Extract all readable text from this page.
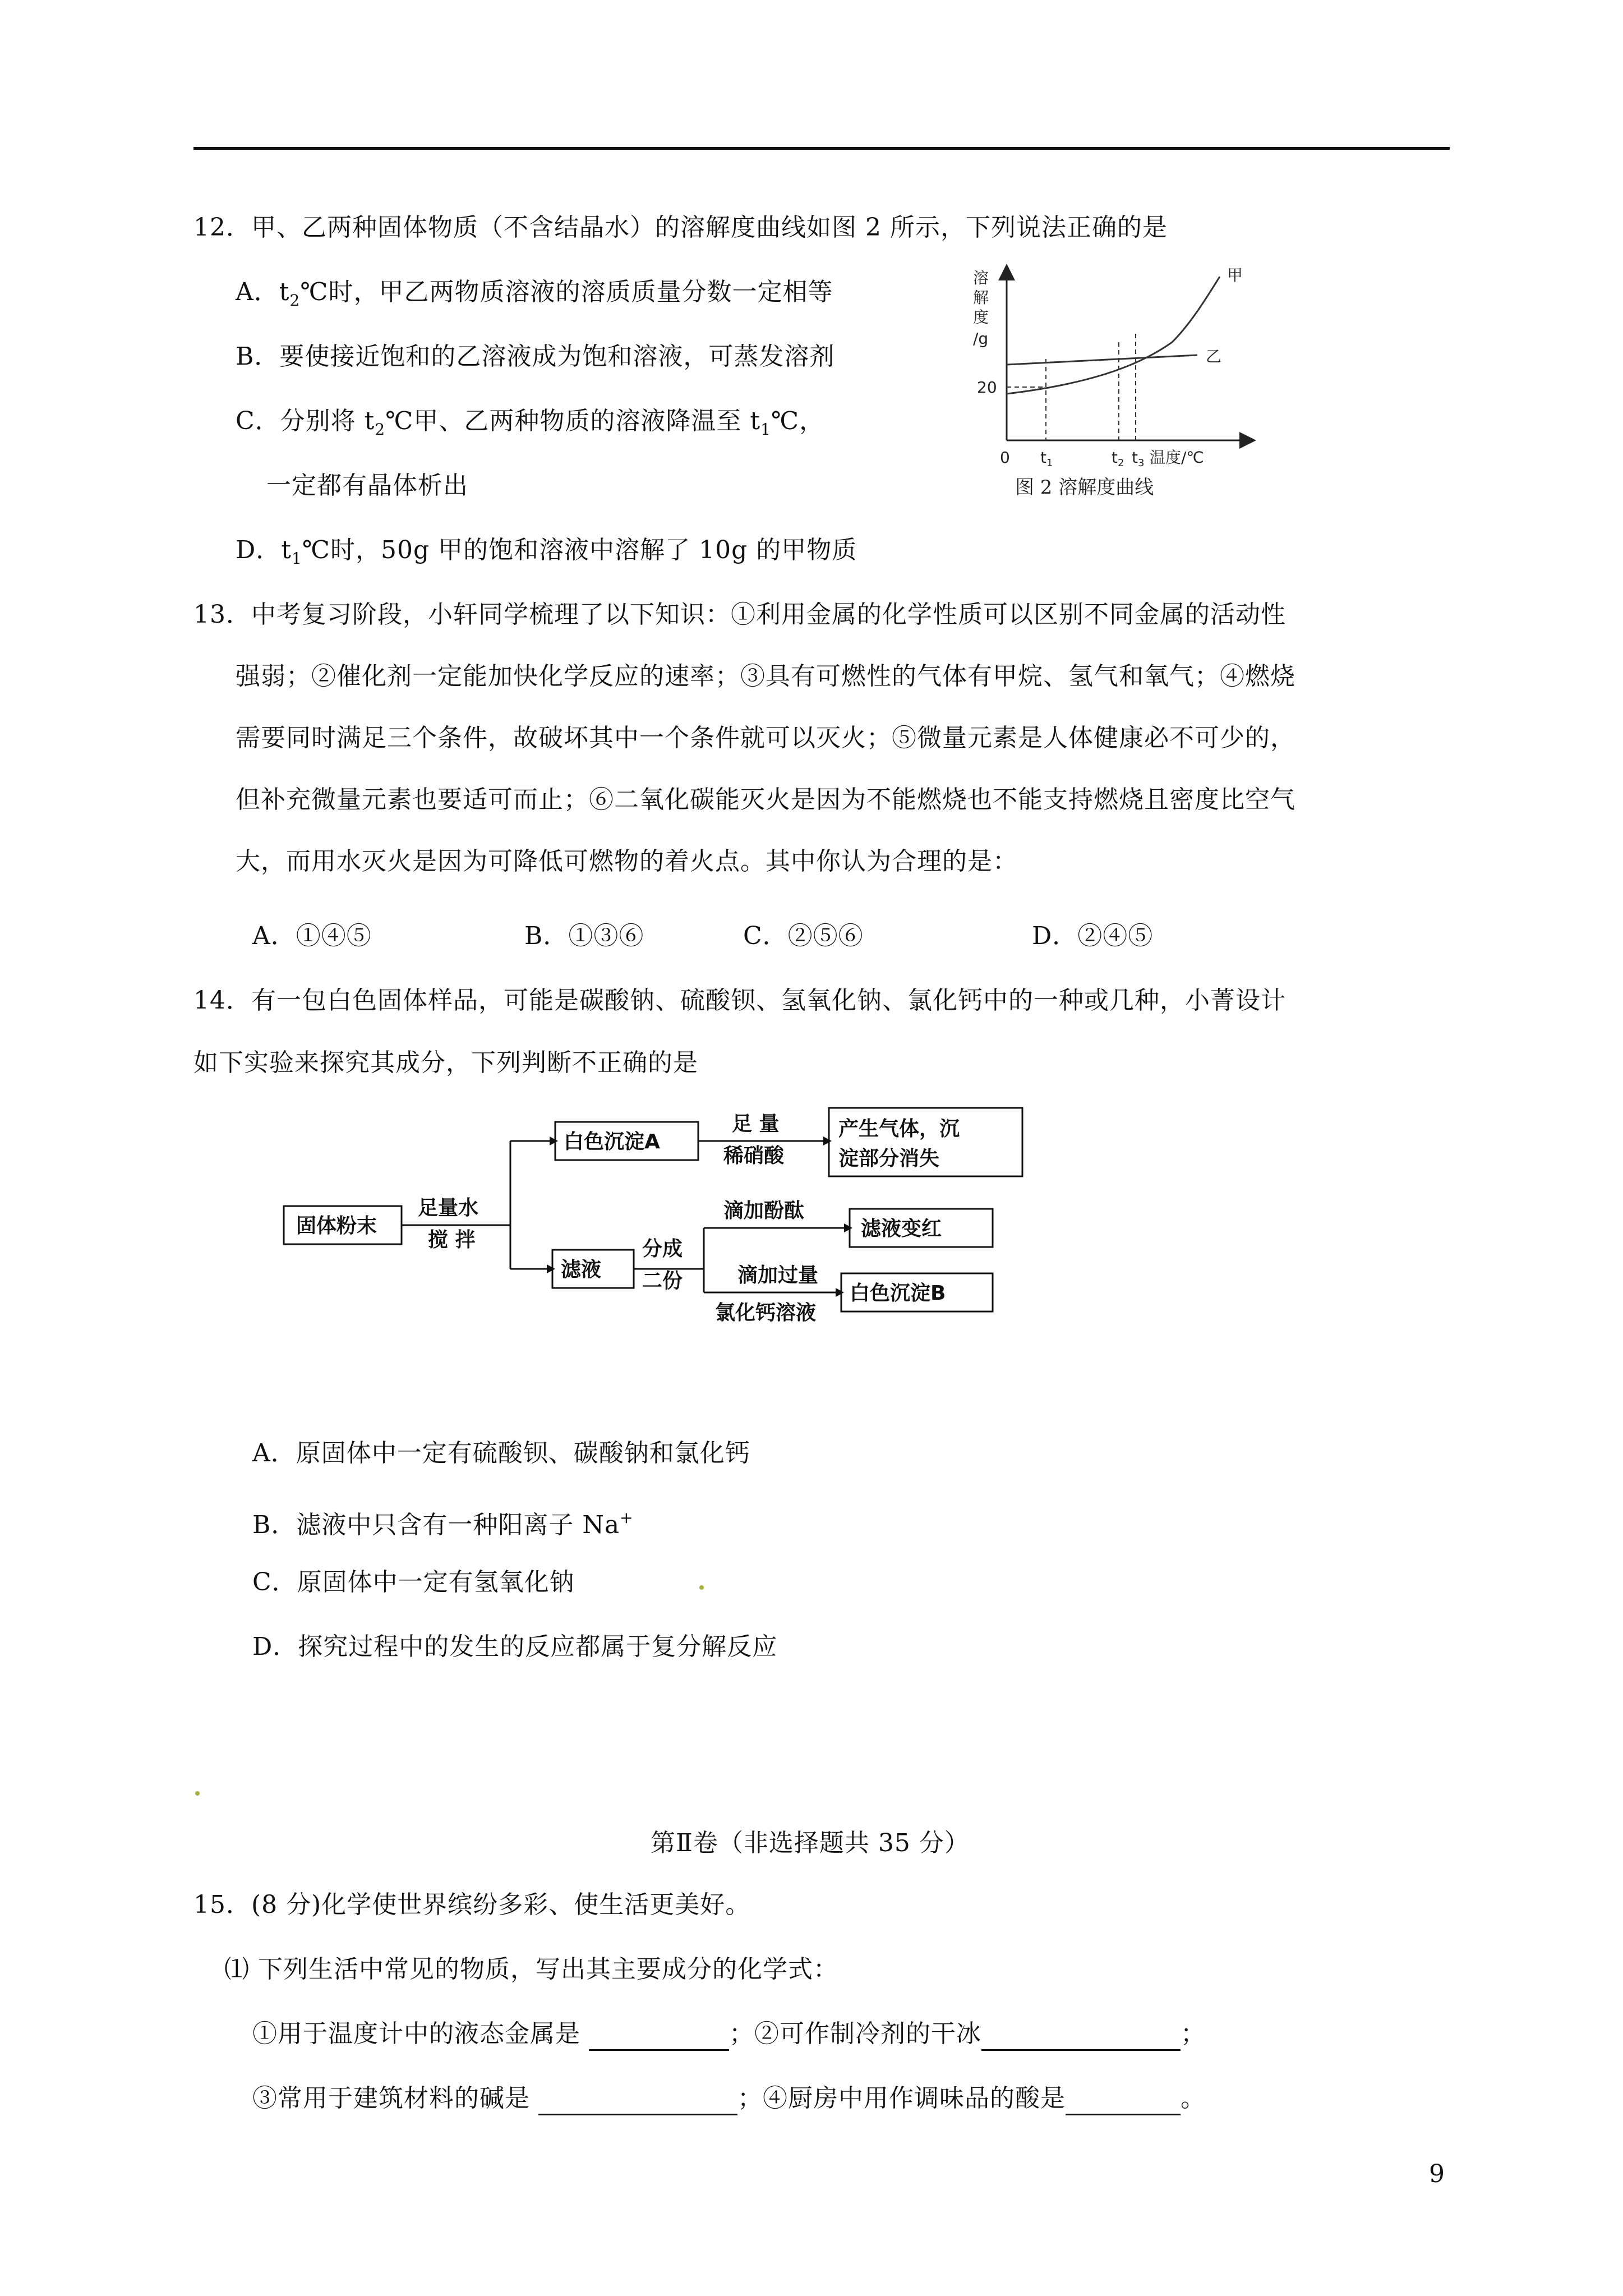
12．甲、乙两种固体物质（不含结晶水）的溶解度曲线如图 2 所示，下列说法正确的是
A．$t_2℃$时，甲乙两物质溶液的溶质质量分数一定相等
B．要使接近饱和的乙溶液成为饱和溶液，可蒸发溶剂
C．分别将 $t_2℃$甲、乙两种物质的溶液降温至 $t_1℃$，
一定都有晶体析出
D．$t_1℃$时，50g 甲的饱和溶液中溶解了 10g 的甲物质
溶
解
度
/g
20
0 $t_1$	$t_2$ $t_3$ 温度/℃
甲
乙
图 2 溶解度曲线
13．中考复习阶段，小轩同学梳理了以下知识：①利用金属的化学性质可以区别不同金属的活动性
强弱；②催化剂一定能加快化学反应的速率；③具有可燃性的气体有甲烷、氢气和氧气；④燃烧
需要同时满足三个条件，故破坏其中一个条件就可以灭火；⑤微量元素是人体健康必不可少的，
但补充微量元素也要适可而止；⑥二氧化碳能灭火是因为不能燃烧也不能支持燃烧且密度比空气
大，而用水灭火是因为可降低可燃物的着火点。其中你认为合理的是：
A．①④⑤	B．①③⑥	C．②⑤⑥	D．②④⑤
14．有一包白色固体样品，可能是碳酸钠、硫酸钡、氢氧化钠、氯化钙中的一种或几种，小菁设计
如下实验来探究其成分，下列判断不正确的是
固体粉末
足量水
搅 拌
白色沉淀A
足 量
稀硝酸
产生气体，沉
淀部分消失
滤液
分成
二份
滴加酚酞
滤液变红
滴加过量
氯化钙溶液
白色沉淀B
A．原固体中一定有硫酸钡、碳酸钠和氯化钙
B．滤液中只含有一种阳离子 Na+
C．原固体中一定有氢氧化钠
D．探究过程中的发生的反应都属于复分解反应
第Ⅱ卷（非选择题共 35 分）
15．(8 分)化学使世界缤纷多彩、使生活更美好。
⑴ 下列生活中常见的物质，写出其主要成分的化学式：
①用于温度计中的液态金属是	；②可作制冷剂的干冰	；
③常用于建筑材料的碱是	；④厨房中用作调味品的酸是	。
9
